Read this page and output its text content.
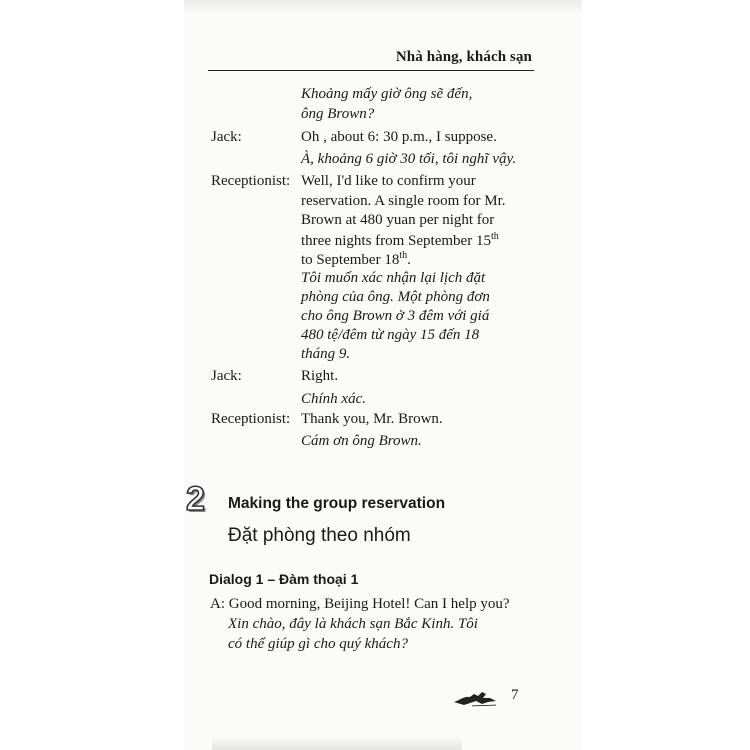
Nhà hàng, khách sạn
Khoảng mấy giờ ông sẽ đến,
ông Brown?
Jack:	Oh , about 6: 30 p.m., I suppose.
À, khoảng 6 giờ 30 tối, tôi nghĩ vậy.
Receptionist: Well, I'd like to confirm your
reservation. A single room for Mr.
Brown at 480 yuan per night for
three nights from September 15th
to September 18th.
Tôi muốn xác nhận lại lịch đặt
phòng của ông. Một phòng đơn
cho ông Brown ở 3 đêm với giá
480 tệ/đêm từ ngày 15 đến 18
tháng 9.
Jack:	Right.
Chính xác.
Receptionist: Thank you, Mr. Brown.
Cám ơn ông Brown.
2 Making the group reservation
Đặt phòng theo nhóm
Dialog 1 – Đàm thoại 1
A: Good morning, Beijing Hotel! Can I help you?
Xin chào, đây là khách sạn Bắc Kinh. Tôi
có thể giúp gì cho quý khách?
7
